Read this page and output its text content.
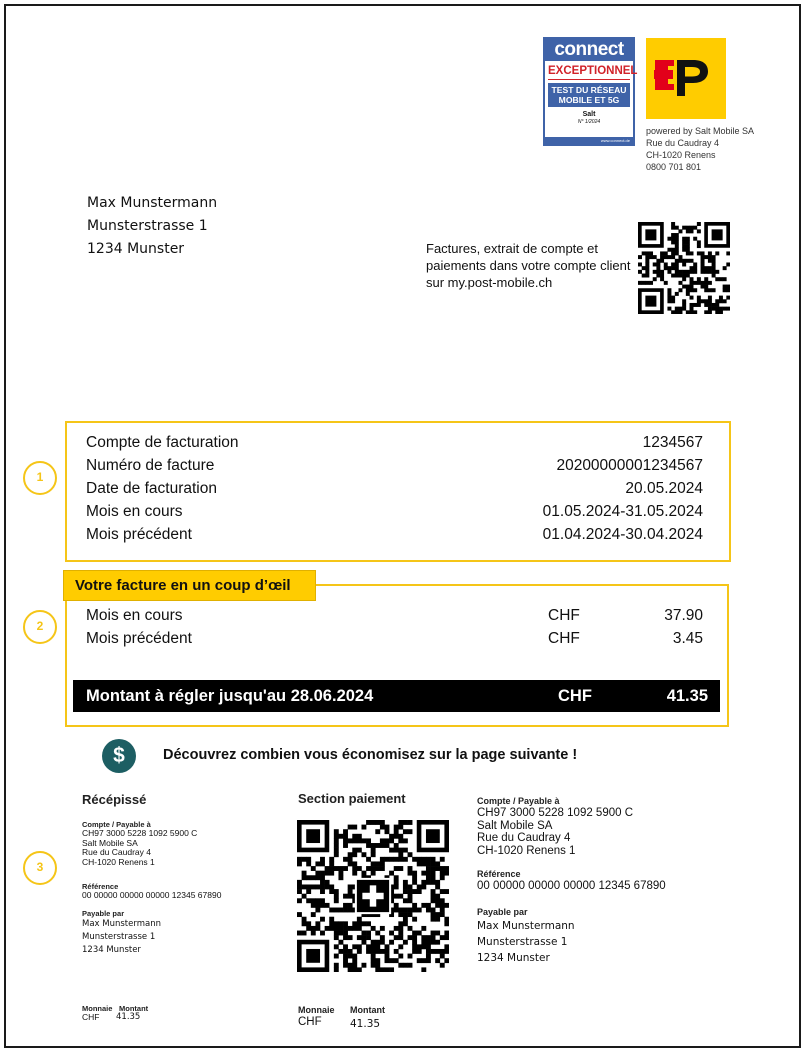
connect
EXCEPTIONNEL
TEST DU RÉSEAU
MOBILE ET 5G
Salt
N° 1/2024
www.connect.de
powered by Salt Mobile SA
Rue du Caudray 4
CH-1020 Renens
0800 701 801
Max Munstermann
Munsterstrasse 1
1234 Munster	Factures, extrait de compte et paiements dans votre compte client sur my.post-mobile.ch
Compte de facturation	1234567
Numéro de facture	20200000001234567
Date de facturation	20.05.2024
Mois en cours	01.05.2024-31.05.2024
Mois précédent	01.04.2024-30.04.2024
Votre facture en un coup d’œil
Mois en cours	CHF	37.90
Mois précédent	CHF	3.45
Montant à régler jusqu'au 28.06.2024	CHF	41.35
1
2
3
$	Découvrez combien vous économisez sur la page suivante !
Récépissé
Compte / Payable à
CH97 3000 5228 1092 5900 C
Salt Mobile SA
Rue du Caudray 4
CH-1020 Renens 1
Référence
00 00000 00000 00000 12345 67890
Payable par
Max Munstermann
Munsterstrasse 1
1234 Munster
Monnaie Montant
CHF 41.35
Section paiement
Monnaie Montant
CHF	41.35
Compte / Payable à
CH97 3000 5228 1092 5900 C
Salt Mobile SA
Rue du Caudray 4
CH-1020 Renens 1
Référence
00 00000 00000 00000 12345 67890
Payable par
Max Munstermann
Munsterstrasse 1
1234 Munster
